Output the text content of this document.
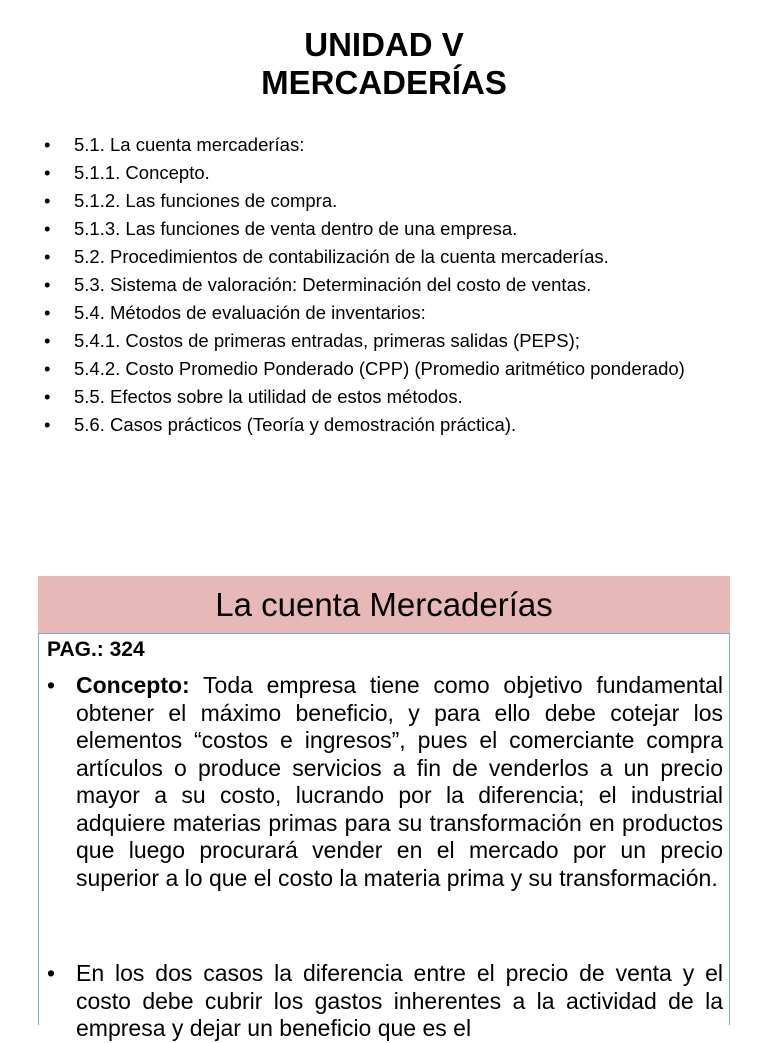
UNIDAD V
MERCADERÍAS
• 5.1. La cuenta mercaderías:
• 5.1.1. Concepto.
• 5.1.2. Las funciones de compra.
• 5.1.3. Las funciones de venta dentro de una empresa.
• 5.2. Procedimientos de contabilización de la cuenta mercaderías.
• 5.3. Sistema de valoración: Determinación del costo de ventas.
• 5.4. Métodos de evaluación de inventarios:
• 5.4.1. Costos de primeras entradas, primeras salidas (PEPS);
• 5.4.2. Costo Promedio Ponderado (CPP) (Promedio aritmético ponderado)
• 5.5. Efectos sobre la utilidad de estos métodos.
• 5.6. Casos prácticos (Teoría y demostración práctica).
La cuenta Mercaderías
PAG.: 324
• Concepto: Toda empresa tiene como objetivo fundamental obtener el máximo beneficio, y para ello debe cotejar los elementos “costos e ingresos”, pues el comerciante compra artículos o produce servicios a fin de venderlos a un precio mayor a su costo, lucrando por la diferencia; el industrial adquiere materias primas para su transformación en productos que luego procurará vender en el mercado por un precio superior a lo que el costo la materia prima y su transformación.
• En los dos casos la diferencia entre el precio de venta y el costo debe cubrir los gastos inherentes a la actividad de la empresa y dejar un beneficio que es el
